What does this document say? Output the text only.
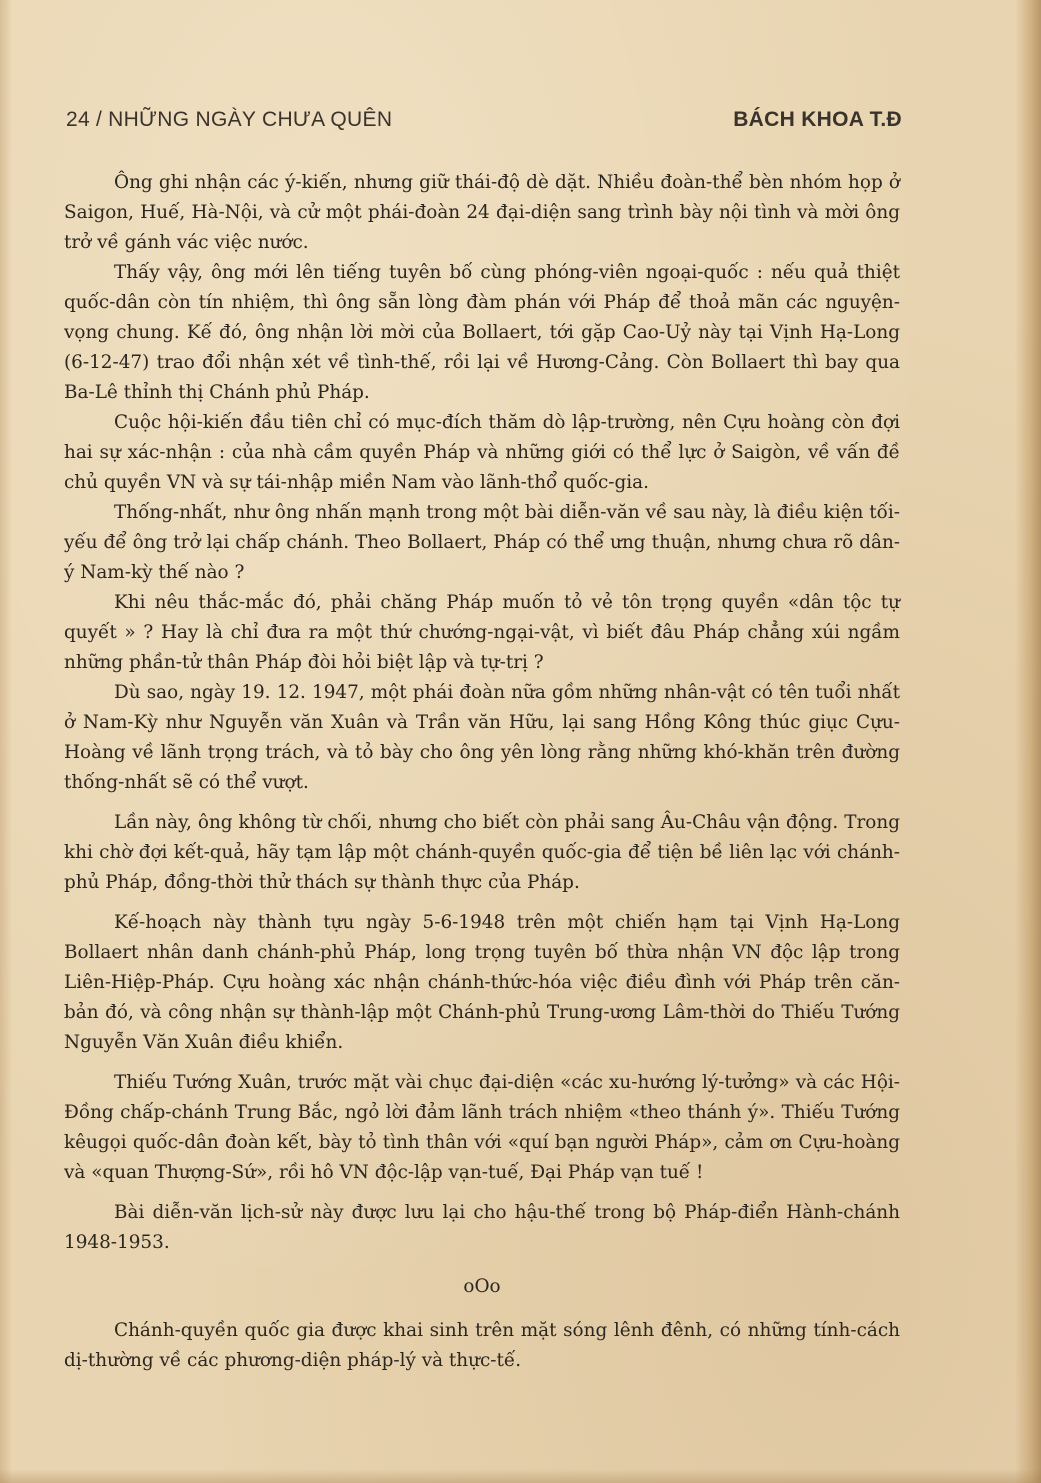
24 / NHỮNG NGÀY CHƯA QUÊN	BÁCH KHOA T.Đ

Ông ghi nhận các ý-kiến, nhưng giữ thái-độ dè dặt. Nhiều đoàn-thể bèn nhóm họp ở Saigon, Huế, Hà-Nội, và cử một phái-đoàn 24 đại-diện sang trình bày nội tình và mời ông trở về gánh vác việc nước.

Thấy vậy, ông mới lên tiếng tuyên bố cùng phóng-viên ngoại-quốc : nếu quả thiệt quốc-dân còn tín nhiệm, thì ông sẵn lòng đàm phán với Pháp để thoả mãn các nguyện-vọng chung. Kế đó, ông nhận lời mời của Bollaert, tới gặp Cao-Uỷ này tại Vịnh Hạ-Long (6-12-47) trao đổi nhận xét về tình-thế, rồi lại về Hương-Cảng. Còn Bollaert thì bay qua Ba-Lê thỉnh thị Chánh phủ Pháp.

Cuộc hội-kiến đầu tiên chỉ có mục-đích thăm dò lập-trường, nên Cựu hoàng còn đợi hai sự xác-nhận : của nhà cầm quyền Pháp và những giới có thể lực ở Saigòn, về vấn đề chủ quyền VN và sự tái-nhập miền Nam vào lãnh-thổ quốc-gia.

Thống-nhất, như ông nhấn mạnh trong một bài diễn-văn về sau này, là điều kiện tối-yếu để ông trở lại chấp chánh. Theo Bollaert, Pháp có thể ưng thuận, nhưng chưa rõ dân-ý Nam-kỳ thế nào ?

Khi nêu thắc-mắc đó, phải chăng Pháp muốn tỏ vẻ tôn trọng quyền «dân tộc tự quyết » ? Hay là chỉ đưa ra một thứ chướng-ngại-vật, vì biết đâu Pháp chẳng xúi ngầm những phần-tử thân Pháp đòi hỏi biệt lập và tự-trị ?

Dù sao, ngày 19. 12. 1947, một phái đoàn nữa gồm những nhân-vật có tên tuổi nhất ở Nam-Kỳ như Nguyễn văn Xuân và Trần văn Hữu, lại sang Hồng Kông thúc giục Cựu-Hoàng về lãnh trọng trách, và tỏ bày cho ông yên lòng rằng những khó-khăn trên đường thống-nhất sẽ có thể vượt.

Lần này, ông không từ chối, nhưng cho biết còn phải sang Âu-Châu vận động. Trong khi chờ đợi kết-quả, hãy tạm lập một chánh-quyền quốc-gia để tiện bề liên lạc với chánh-phủ Pháp, đồng-thời thử thách sự thành thực của Pháp.

Kế-hoạch này thành tựu ngày 5-6-1948 trên một chiến hạm tại Vịnh Hạ-Long Bollaert nhân danh chánh-phủ Pháp, long trọng tuyên bố thừa nhận VN độc lập trong Liên-Hiệp-Pháp. Cựu hoàng xác nhận chánh-thức-hóa việc điều đình với Pháp trên căn-bản đó, và công nhận sự thành-lập một Chánh-phủ Trung-ương Lâm-thời do Thiếu Tướng Nguyễn Văn Xuân điều khiển.

Thiếu Tướng Xuân, trước mặt vài chục đại-diện «các xu-hướng lý-tưởng» và các Hội-Đồng chấp-chánh Trung Bắc, ngỏ lời đảm lãnh trách nhiệm «theo thánh ý». Thiếu Tướng kêugọi quốc-dân đoàn kết, bày tỏ tình thân với «quí bạn người Pháp», cảm ơn Cựu-hoàng và «quan Thượng-Sứ», rồi hô VN độc-lập vạn-tuế, Đại Pháp vạn tuế !

Bài diễn-văn lịch-sử này được lưu lại cho hậu-thế trong bộ Pháp-điển Hành-chánh 1948-1953.

oOo

Chánh-quyền quốc gia được khai sinh trên mặt sóng lênh đênh, có những tính-cách dị-thường về các phương-diện pháp-lý và thực-tế.
